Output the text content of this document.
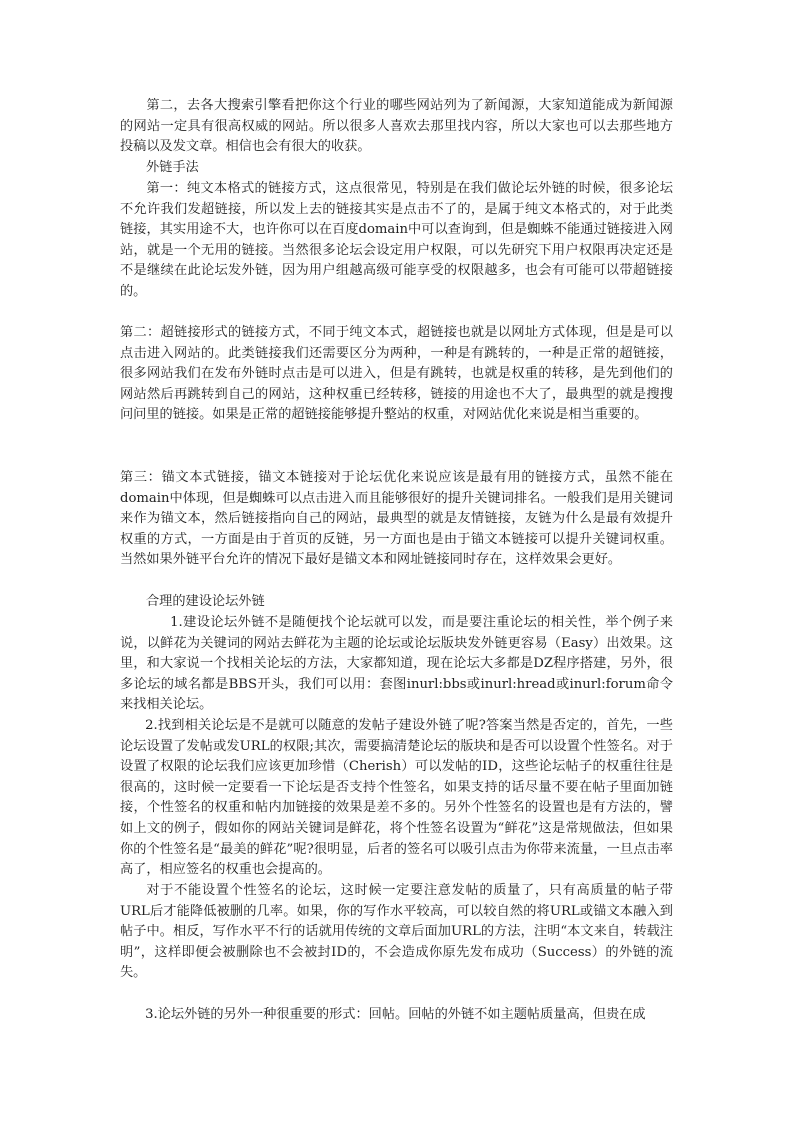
第二，去各大搜索引擎看把你这个行业的哪些网站列为了新闻源，大家知道能成为新闻源的网站一定具有很高权威的网站。所以很多人喜欢去那里找内容，所以大家也可以去那些地方投稿以及发文章。相信也会有很大的收获。

外链手法

第一：纯文本格式的链接方式，这点很常见，特别是在我们做论坛外链的时候，很多论坛不允许我们发超链接，所以发上去的链接其实是点击不了的，是属于纯文本格式的，对于此类链接，其实用途不大，也许你可以在百度domain中可以查询到，但是蜘蛛不能通过链接进入网站，就是一个无用的链接。当然很多论坛会设定用户权限，可以先研究下用户权限再决定还是不是继续在此论坛发外链，因为用户组越高级可能享受的权限越多，也会有可能可以带超链接的。

第二：超链接形式的链接方式，不同于纯文本式，超链接也就是以网址方式体现，但是是可以点击进入网站的。此类链接我们还需要区分为两种，一种是有跳转的，一种是正常的超链接，很多网站我们在发布外链时点击是可以进入，但是有跳转，也就是权重的转移，是先到他们的网站然后再跳转到自己的网站，这种权重已经转移，链接的用途也不大了，最典型的就是搜搜问问里的链接。如果是正常的超链接能够提升整站的权重，对网站优化来说是相当重要的。

第三：锚文本式链接，锚文本链接对于论坛优化来说应该是最有用的链接方式，虽然不能在domain中体现，但是蜘蛛可以点击进入而且能够很好的提升关键词排名。一般我们是用关键词来作为锚文本，然后链接指向自己的网站，最典型的就是友情链接，友链为什么是最有效提升权重的方式，一方面是由于首页的反链，另一方面也是由于锚文本链接可以提升关键词权重。当然如果外链平台允许的情况下最好是锚文本和网址链接同时存在，这样效果会更好。

合理的建设论坛外链

1.建设论坛外链不是随便找个论坛就可以发，而是要注重论坛的相关性，举个例子来说，以鲜花为关键词的网站去鲜花为主题的论坛或论坛版块发外链更容易（Easy）出效果。这里，和大家说一个找相关论坛的方法，大家都知道，现在论坛大多都是DZ程序搭建，另外，很多论坛的域名都是BBS开头，我们可以用：套图inurl:bbs或inurl:hread或inurl:forum命令来找相关论坛。

2.找到相关论坛是不是就可以随意的发帖子建设外链了呢?答案当然是否定的，首先，一些论坛设置了发帖或发URL的权限;其次，需要搞清楚论坛的版块和是否可以设置个性签名。对于设置了权限的论坛我们应该更加珍惜（Cherish）可以发帖的ID，这些论坛帖子的权重往往是很高的，这时候一定要看一下论坛是否支持个性签名，如果支持的话尽量不要在帖子里面加链接，个性签名的权重和帖内加链接的效果是差不多的。另外个性签名的设置也是有方法的，譬如上文的例子，假如你的网站关键词是鲜花，将个性签名设置为“鲜花”这是常规做法，但如果你的个性签名是“最美的鲜花”呢?很明显，后者的签名可以吸引点击为你带来流量，一旦点击率高了，相应签名的权重也会提高的。

对于不能设置个性签名的论坛，这时候一定要注意发帖的质量了，只有高质量的帖子带URL后才能降低被删的几率。如果，你的写作水平较高，可以较自然的将URL或锚文本融入到帖子中。相反，写作水平不行的话就用传统的文章后面加URL的方法，注明“本文来自，转载注明”，这样即便会被删除也不会被封ID的，不会造成你原先发布成功（Success）的外链的流失。

3.论坛外链的另外一种很重要的形式：回帖。回帖的外链不如主题帖质量高，但贵在成
